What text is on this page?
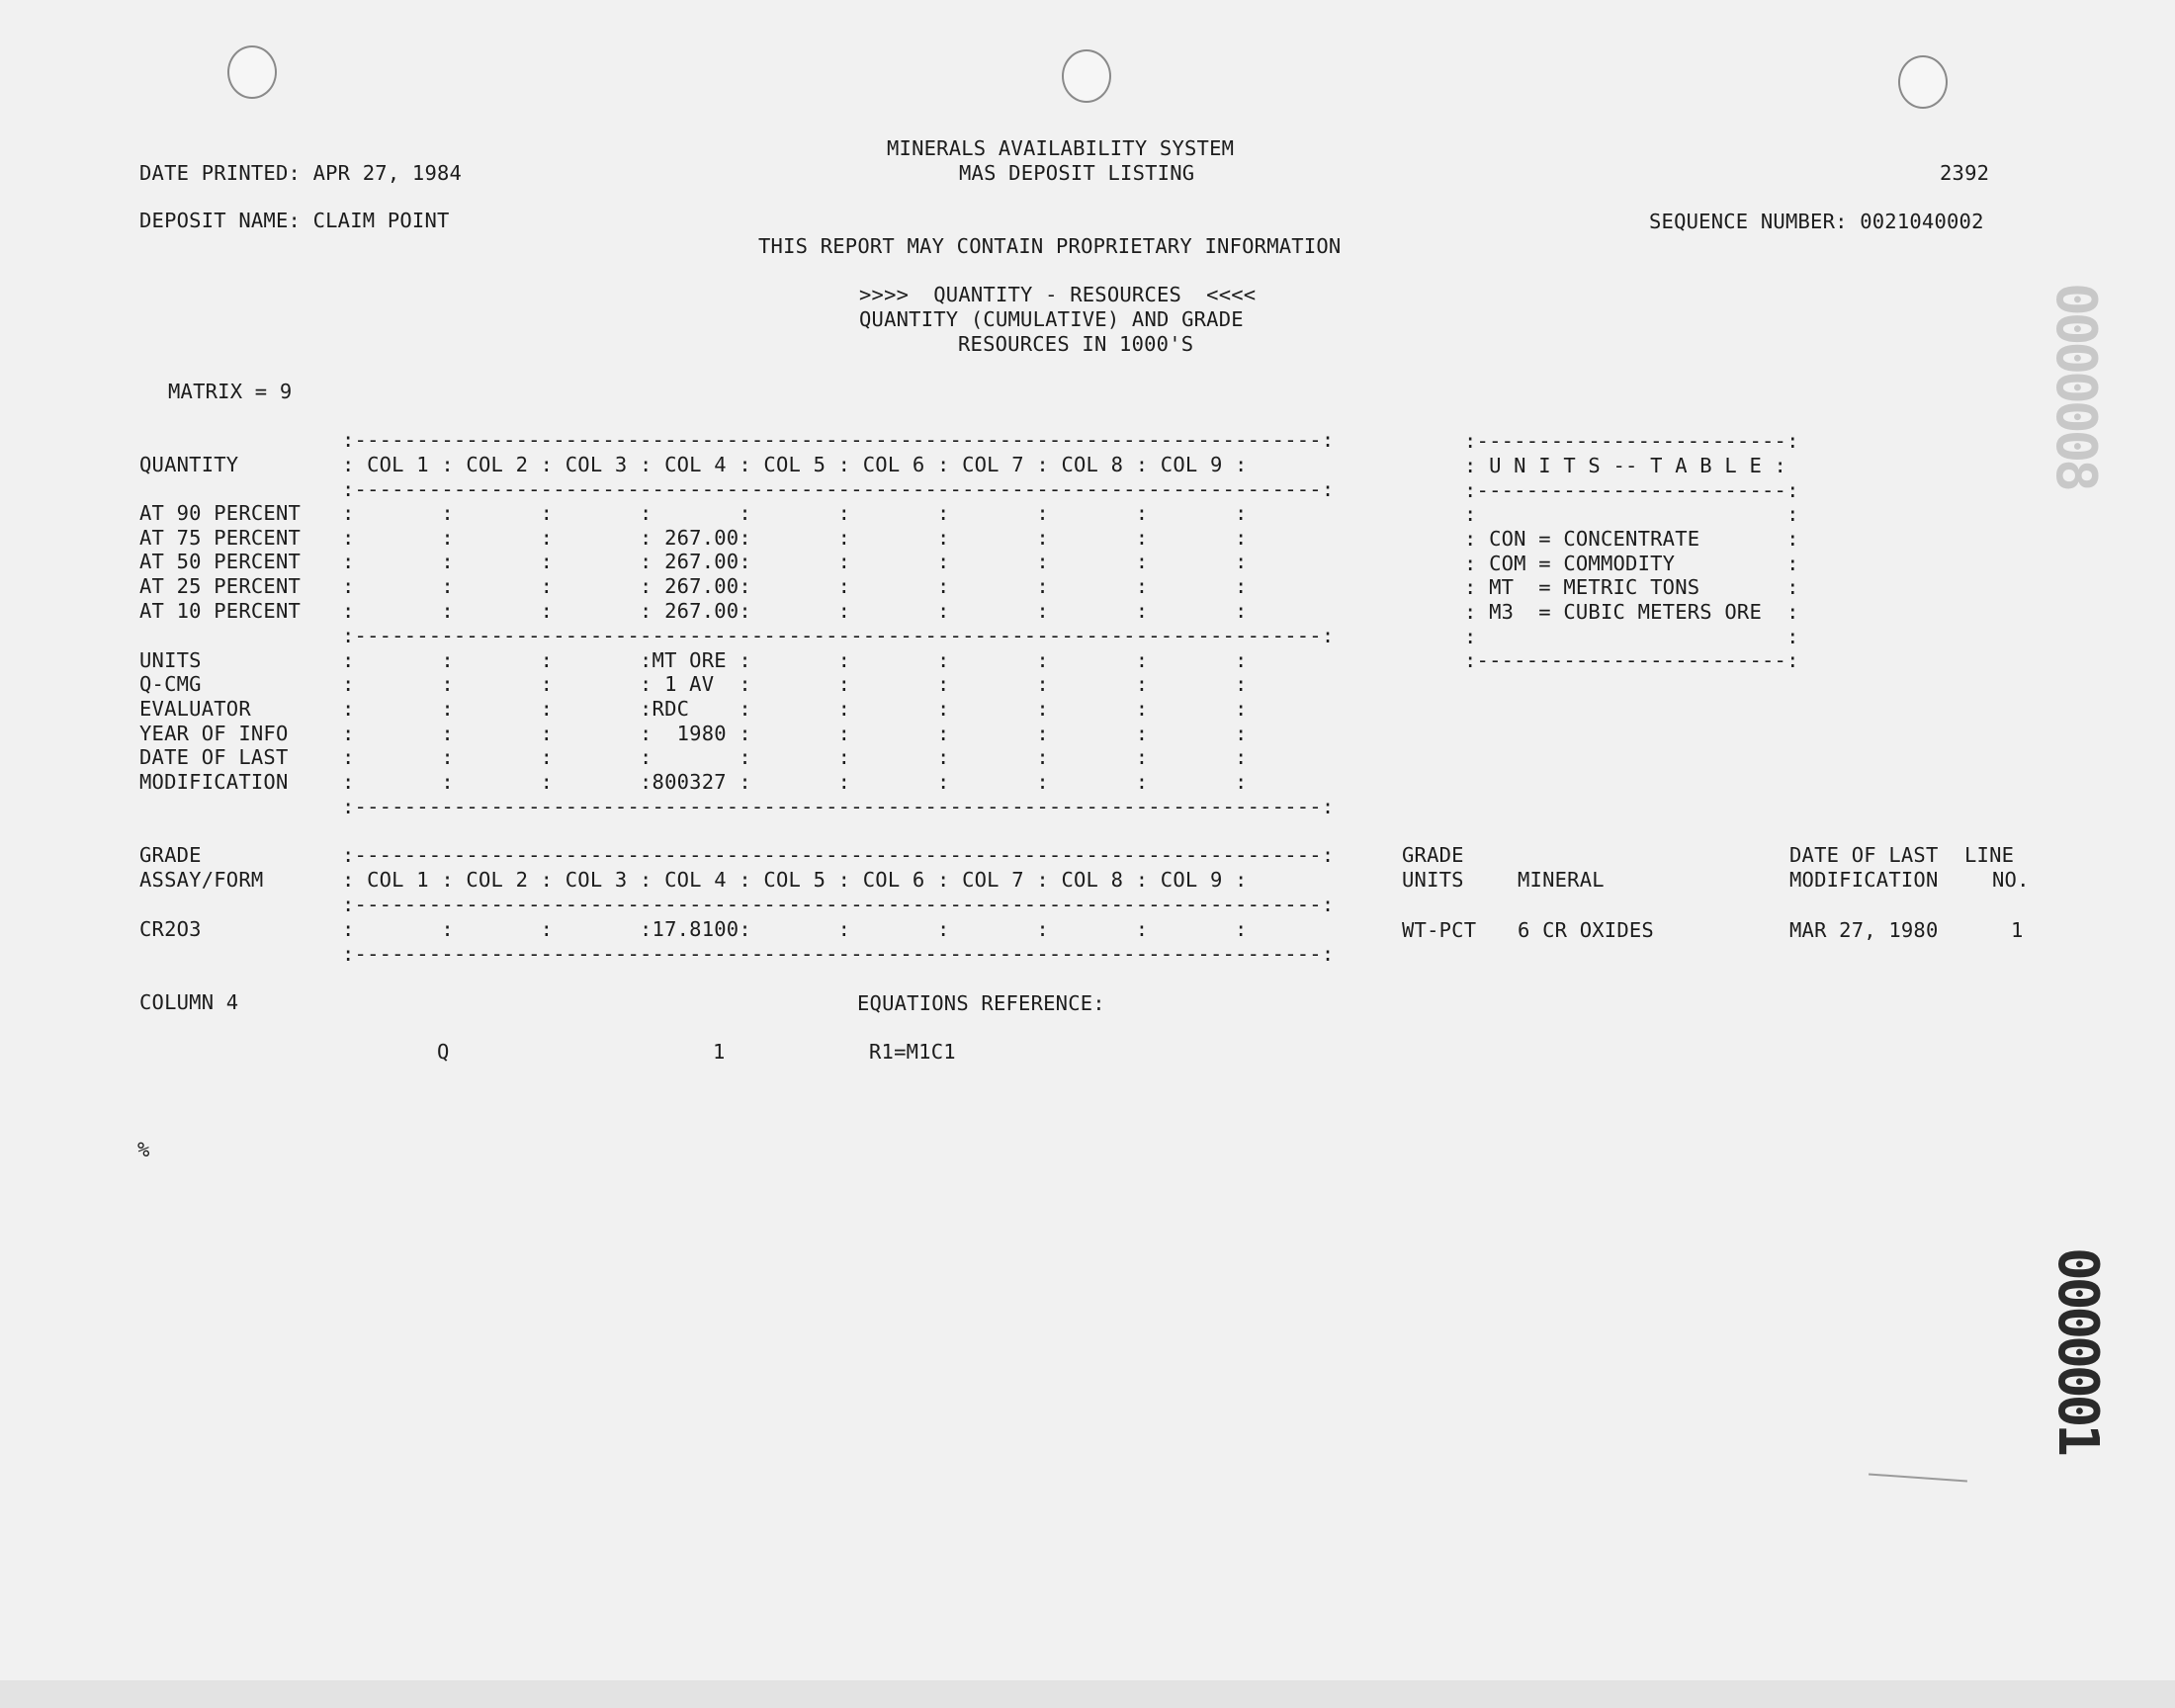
MINERALS AVAILABILITY SYSTEM
MAS DEPOSIT LISTING
DATE PRINTED: APR 27, 1984	2392
DEPOSIT NAME: CLAIM POINT	SEQUENCE NUMBER: 0021040002
THIS REPORT MAY CONTAIN PROPRIETARY INFORMATION
>>>>  QUANTITY - RESOURCES  <<<<
QUANTITY (CUMULATIVE) AND GRADE
RESOURCES IN 1000'S
MATRIX = 9
:------------------------------------------------------------------------------:
QUANTITY	: COL 1 : COL 2 : COL 3 : COL 4 : COL 5 : COL 6 : COL 7 : COL 8 : COL 9 :
:------------------------------------------------------------------------------:
AT 90 PERCENT :       :       :       :       :       :       :       :       :       :
AT 75 PERCENT :       :       :       : 267.00:       :       :       :       :       :
AT 50 PERCENT :       :       :       : 267.00:       :       :       :       :       :
AT 25 PERCENT :       :       :       : 267.00:       :       :       :       :       :
AT 10 PERCENT :       :       :       : 267.00:       :       :       :       :       :
:------------------------------------------------------------------------------:
UNITS	:       :       :       :MT ORE :       :       :       :       :       :
Q-CMG	:       :       :       : 1 AV  :       :       :       :       :       :
EVALUATOR	:       :       :       :RDC    :       :       :       :       :       :
YEAR OF INFO	:       :       :       :  1980 :       :       :       :       :       :
DATE OF LAST	:       :       :       :       :       :       :       :       :       :
MODIFICATION	:       :       :       :800327 :       :       :       :       :       :
:------------------------------------------------------------------------------:
:-------------------------:
: U N I T S -- T A B L E :
:-------------------------:
:                         :
: CON = CONCENTRATE       :
: COM = COMMODITY         :
: MT  = METRIC TONS       :
: M3  = CUBIC METERS ORE  :
:                         :
:-------------------------:
GRADE	:------------------------------------------------------------------------------:	GRADE	DATE OF LAST LINE
ASSAY/FORM	: COL 1 : COL 2 : COL 3 : COL 4 : COL 5 : COL 6 : COL 7 : COL 8 : COL 9 :	UNITS	MINERAL	MODIFICATION	NO.
:------------------------------------------------------------------------------:
CR2O3	:       :       :       :17.8100:       :       :       :       :       :	WT-PCT 6 CR OXIDES	MAR 27, 1980	1
:------------------------------------------------------------------------------:
COLUMN 4	EQUATIONS REFERENCE:
Q	1	R1=M1C1
%
0000008
0000001
